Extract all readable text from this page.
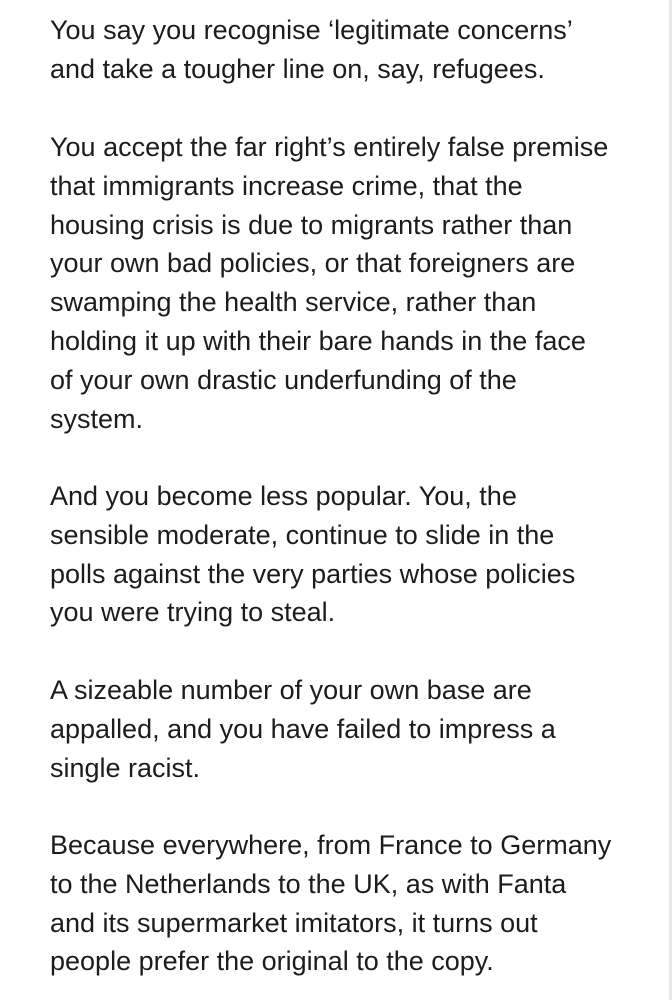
You say you recognise ‘legitimate concerns’
and take a tougher line on, say, refugees.

You accept the far right’s entirely false premise
that immigrants increase crime, that the
housing crisis is due to migrants rather than
your own bad policies, or that foreigners are
swamping the health service, rather than
holding it up with their bare hands in the face
of your own drastic underfunding of the
system.

And you become less popular. You, the
sensible moderate, continue to slide in the
polls against the very parties whose policies
you were trying to steal.

A sizeable number of your own base are
appalled, and you have failed to impress a
single racist.

Because everywhere, from France to Germany
to the Netherlands to the UK, as with Fanta
and its supermarket imitators, it turns out
people prefer the original to the copy.
